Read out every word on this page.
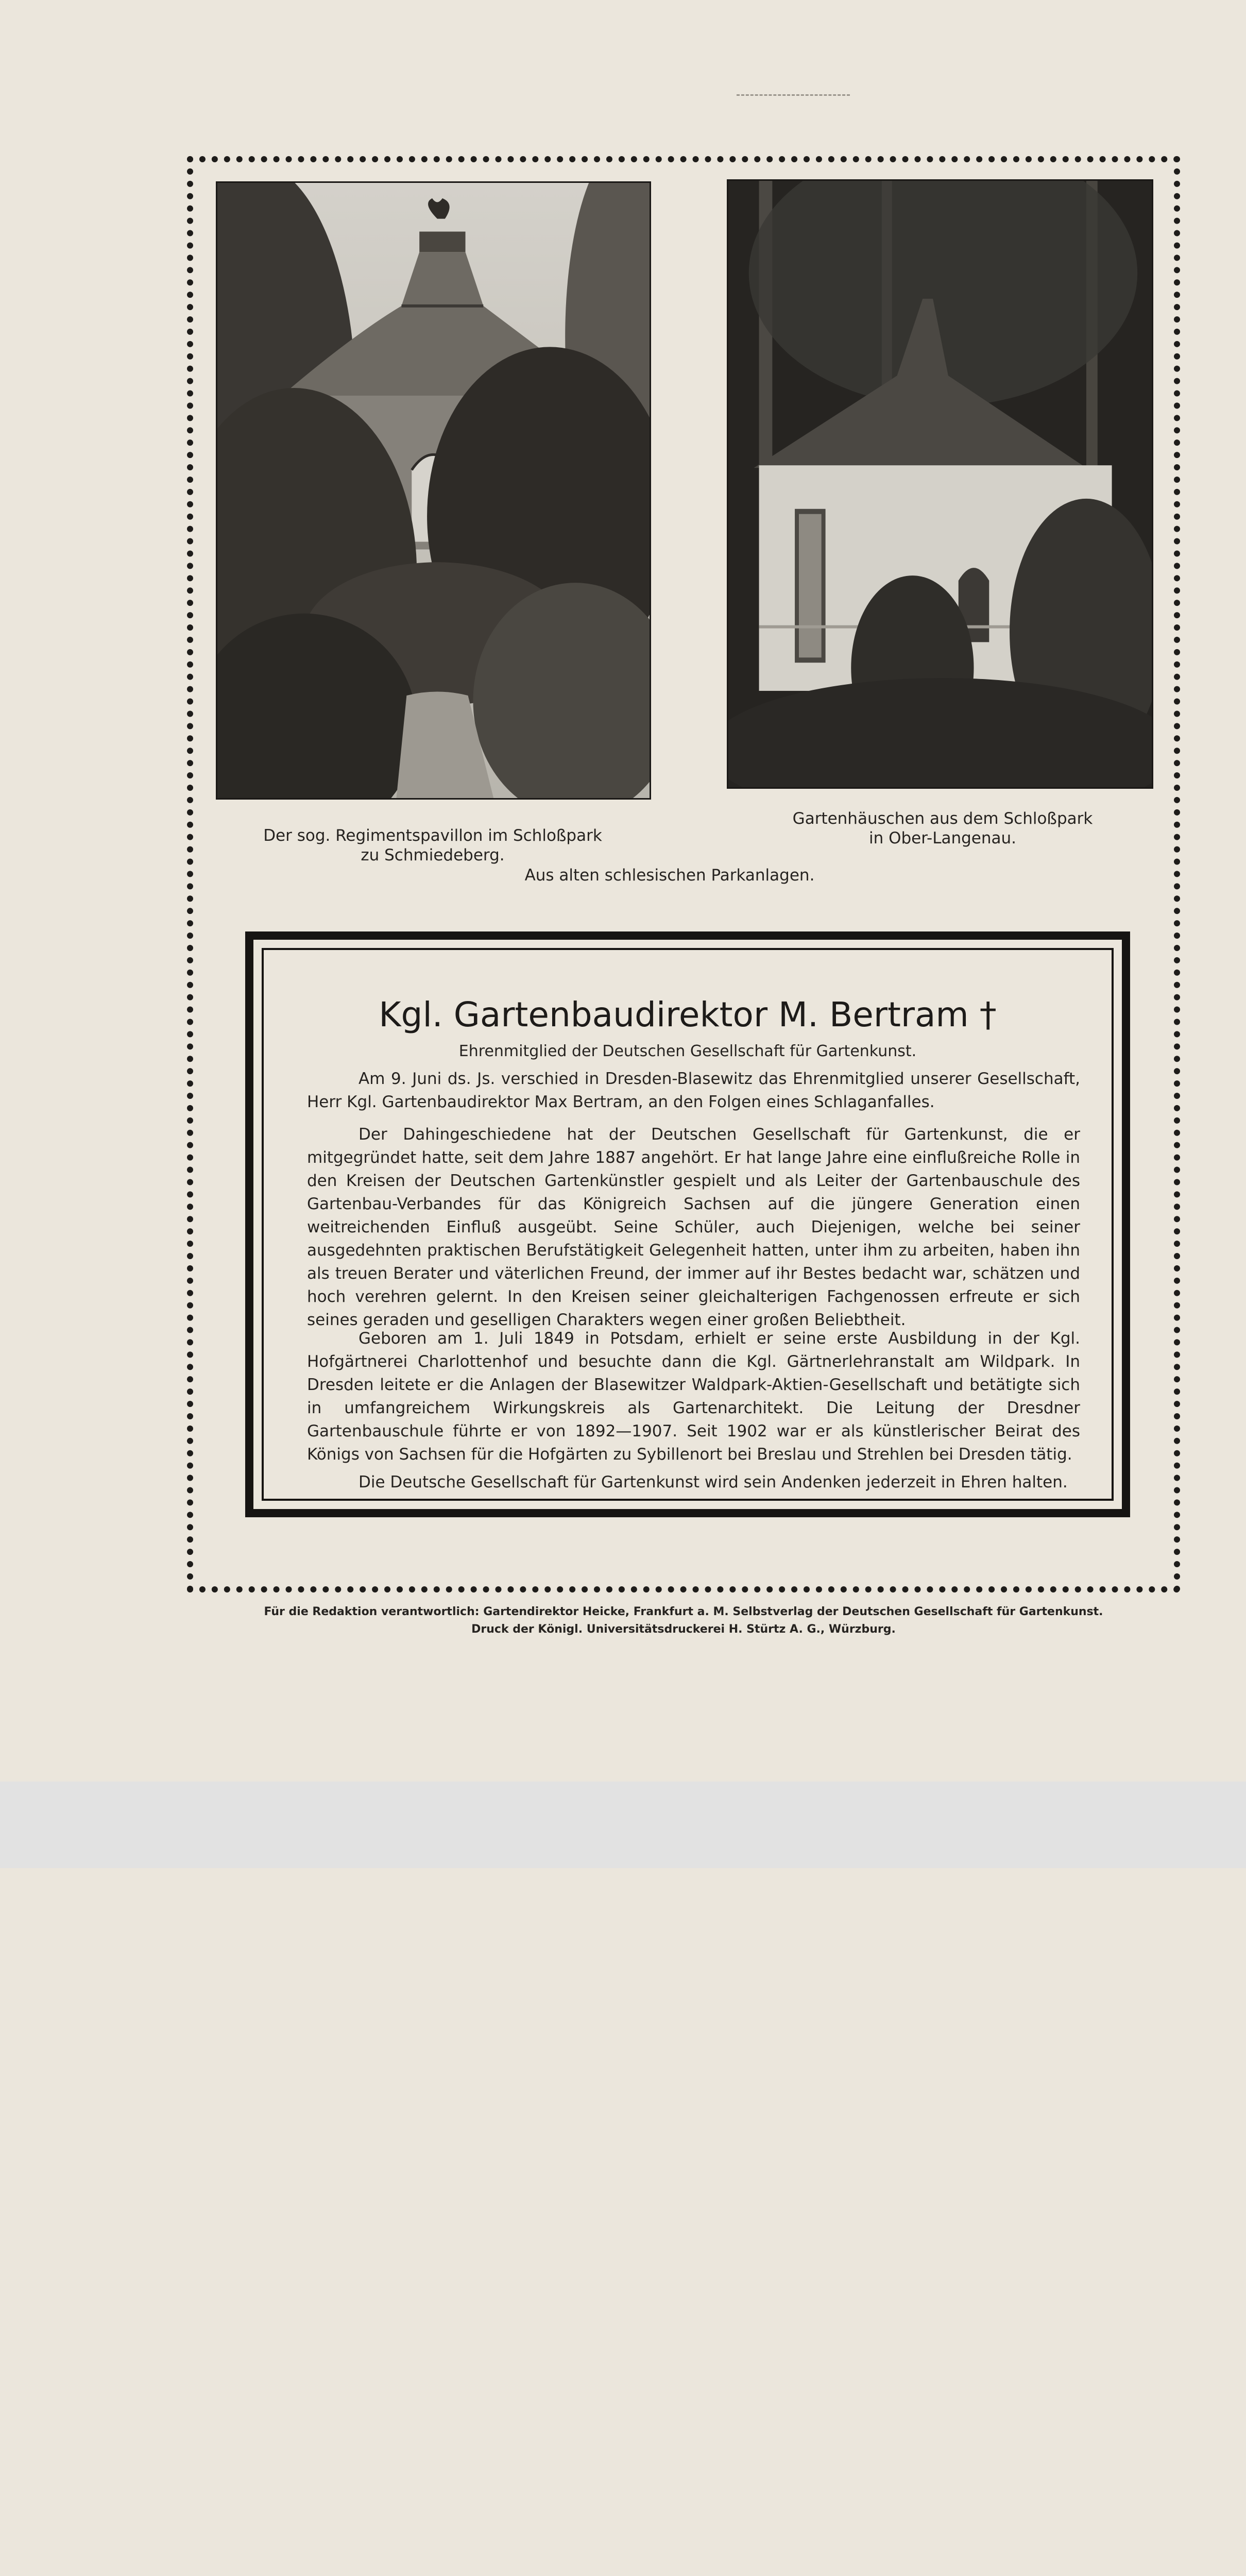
Der sog. Regimentspavillon im Schloßpark
zu Schmiedeberg.
Gartenhäuschen aus dem Schloßpark
in Ober-Langenau.
Aus alten schlesischen Parkanlagen.
Kgl. Gartenbaudirektor M. Bertram †
Ehrenmitglied der Deutschen Gesellschaft für Gartenkunst.
Am 9. Juni ds. Js. verschied in Dresden-Blasewitz das Ehrenmitglied unserer Gesellschaft, Herr Kgl. Gartenbaudirektor Max Bertram, an den Folgen eines Schlaganfalles.
Der Dahingeschiedene hat der Deutschen Gesellschaft für Gartenkunst, die er mitgegründet hatte, seit dem Jahre 1887 angehört. Er hat lange Jahre eine einflußreiche Rolle in den Kreisen der Deutschen Gartenkünstler gespielt und als Leiter der Gartenbauschule des Gartenbau-Verbandes für das Königreich Sachsen auf die jüngere Generation einen weitreichenden Einfluß ausgeübt. Seine Schüler, auch Diejenigen, welche bei seiner ausgedehnten praktischen Berufstätigkeit Gelegenheit hatten, unter ihm zu arbeiten, haben ihn als treuen Berater und väterlichen Freund, der immer auf ihr Bestes bedacht war, schätzen und hoch verehren gelernt. In den Kreisen seiner gleichalterigen Fachgenossen erfreute er sich seines geraden und geselligen Charakters wegen einer großen Beliebtheit.
Geboren am 1. Juli 1849 in Potsdam, erhielt er seine erste Ausbildung in der Kgl. Hofgärtnerei Charlottenhof und besuchte dann die Kgl. Gärtnerlehranstalt am Wildpark. In Dresden leitete er die Anlagen der Blasewitzer Waldpark-Aktien-Gesellschaft und betätigte sich in umfangreichem Wirkungskreis als Gartenarchitekt. Die Leitung der Dresdner Gartenbauschule führte er von 1892—1907. Seit 1902 war er als künstlerischer Beirat des Königs von Sachsen für die Hofgärten zu Sybillenort bei Breslau und Strehlen bei Dresden tätig.
Die Deutsche Gesellschaft für Gartenkunst wird sein Andenken jederzeit in Ehren halten.
Für die Redaktion verantwortlich: Gartendirektor Heicke, Frankfurt a. M. Selbstverlag der Deutschen Gesellschaft für Gartenkunst.
Druck der Königl. Universitätsdruckerei H. Stürtz A. G., Würzburg.
